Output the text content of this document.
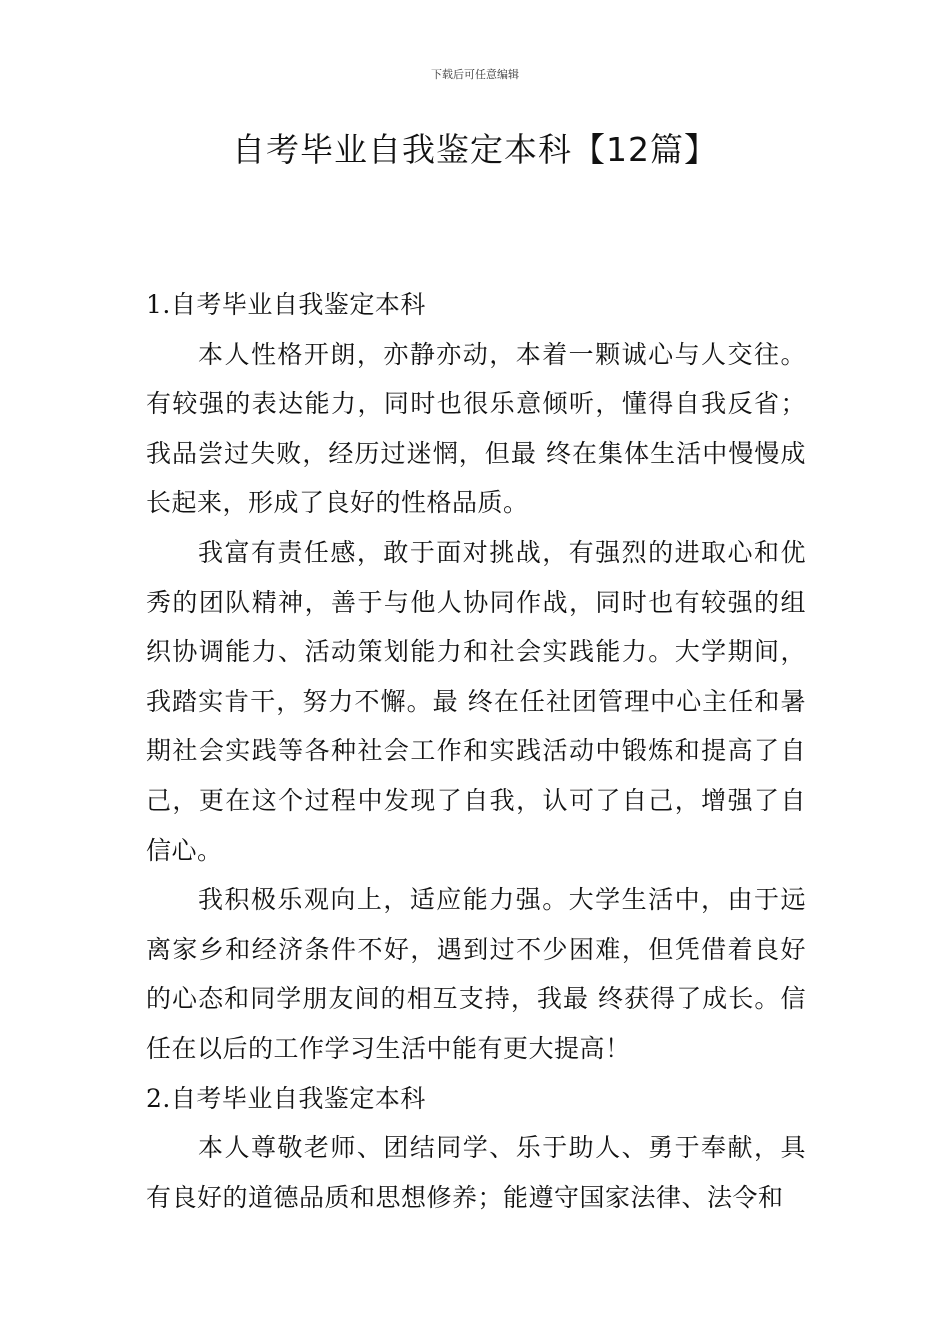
下载后可任意编辑
自考毕业自我鉴定本科【12篇】
1.自考毕业自我鉴定本科

本人性格开朗，亦静亦动，本着一颗诚心与人交往。有较强的表达能力，同时也很乐意倾听，懂得自我反省；我品尝过失败，经历过迷惘，但最 终在集体生活中慢慢成长起来，形成了良好的性格品质。

我富有责任感，敢于面对挑战，有强烈的进取心和优秀的团队精神，善于与他人协同作战，同时也有较强的组织协调能力、活动策划能力和社会实践能力。大学期间，我踏实肯干，努力不懈。最 终在任社团管理中心主任和暑期社会实践等各种社会工作和实践活动中锻炼和提高了自己，更在这个过程中发现了自我，认可了自己，增强了自信心。

我积极乐观向上，适应能力强。大学生活中，由于远离家乡和经济条件不好，遇到过不少困难，但凭借着良好的心态和同学朋友间的相互支持，我最 终获得了成长。信任在以后的工作学习生活中能有更大提高！

2.自考毕业自我鉴定本科

本人尊敬老师、团结同学、乐于助人、勇于奉献，具有良好的道德品质和思想修养；能遵守国家法律、法令和
